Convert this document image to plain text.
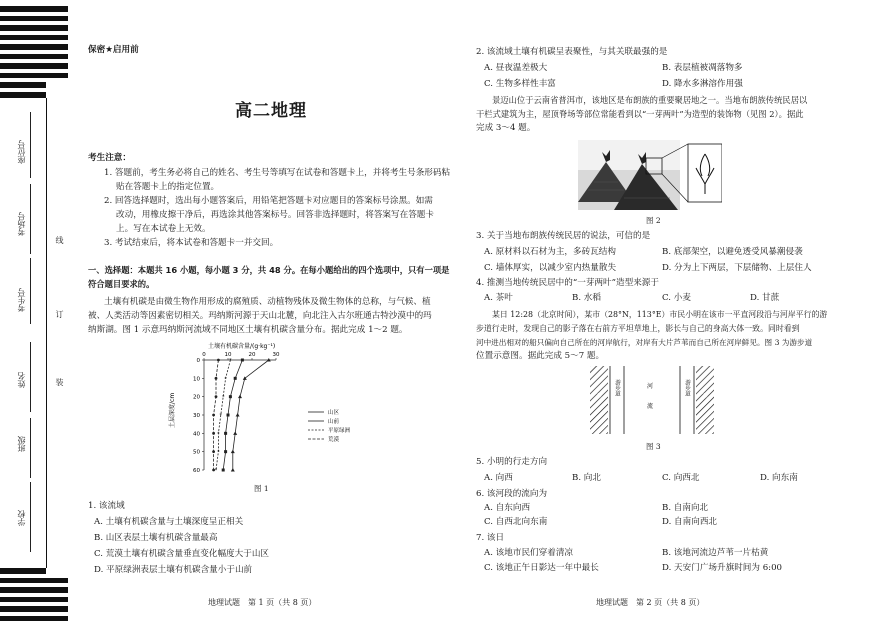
座位号
考场号
考生号
姓名
班级
学校
线
订
装
保密★启用前
高二地理
考生注意：
1. 答题前，考生务必将自己的姓名、考生号等填写在试卷和答题卡上，并将考生号条形码粘
贴在答题卡上的指定位置。
2. 回答选择题时，选出每小题答案后，用铅笔把答题卡对应题目的答案标号涂黑。如需
改动，用橡皮擦干净后，再选涂其他答案标号。回答非选择题时，将答案写在答题卡
上。写在本试卷上无效。
3. 考试结束后，将本试卷和答题卡一并交回。
一、选择题：本题共 16 小题，每小题 3 分，共 48 分。在每小题给出的四个选项中，只有一项是
符合题目要求的。
土壤有机碳是由微生物作用形成的腐殖质、动植物残体及微生物体的总称，与气候、植
被、人类活动等因素密切相关。玛纳斯河源于天山北麓，向北注入古尔班通古特沙漠中的玛
纳斯湖。图 1 示意玛纳斯河流域不同地区土壤有机碳含量分布。据此完成 1～2 题。
土壤有机碳含量/(g·kg⁻¹)
0	10	20	30
0
10
20
30
40
50
60
*
*
*
*
*
*
*
土层深度/cm	山区
山前
平原绿洲
荒漠
图 1
1. 该流域
A. 土壤有机碳含量与土壤深度呈正相关
B. 山区表层土壤有机碳含量最高
C. 荒漠土壤有机碳含量垂直变化幅度大于山区
D. 平原绿洲表层土壤有机碳含量小于山前
地理试题　第 1 页（共 8 页）
2. 该流域土壤有机碳呈表聚性，与其关联最强的是
A. 昼夜温差极大	B. 表层植被凋落物多
C. 生物多样性丰富	D. 降水多淋溶作用强
景迈山位于云南省普洱市，该地区是布朗族的重要聚居地之一。当地布朗族传统民居以
干栏式建筑为主，屋顶脊场等部位常能看到以“一芽两叶”为造型的装饰物（见图 2）。据此
完成 3～4 题。
图 2
3. 关于当地布朗族传统民居的说法，可信的是
A. 原材料以石材为主，多砖瓦结构	B. 底部架空，以避免透受风暴潮侵袭
C. 墙体厚实，以减少室内热量散失	D. 分为上下两层，下层储物、上层住人
4. 推测当地传统民居中的“一芽两叶”造型来源于
A. 茶叶	B. 水稻	C. 小麦	D. 甘蔗
某日 12:28（北京时间），某市（28°N，113°E）市民小明在该市一平直河段沿与河岸平行的游
步道行走时，发现自己的影子落在右前方平坦草地上，影长与自己的身高大体一致。同时看到
河中进出相对的船只偏向自己所在的河岸航行，对岸有大片芦苇而自己所在河岸鲜见。图 3 为游步道
位置示意图。据此完成 5～7 题。
草
游步道	河
流
游步道
草
图 3
5. 小明的行走方向
A. 向西	B. 向北	C. 向西北	D. 向东南
6. 该河段的流向为
A. 自东向西	B. 自南向北
C. 自西北向东南	D. 自南向西北
7. 该日
A. 该地市民们穿着清凉	B. 该地河流边芦苇一片枯黄
C. 该地正午日影达一年中最长	D. 天安门广场升旗时间为 6:00
地理试题　第 2 页（共 8 页）
